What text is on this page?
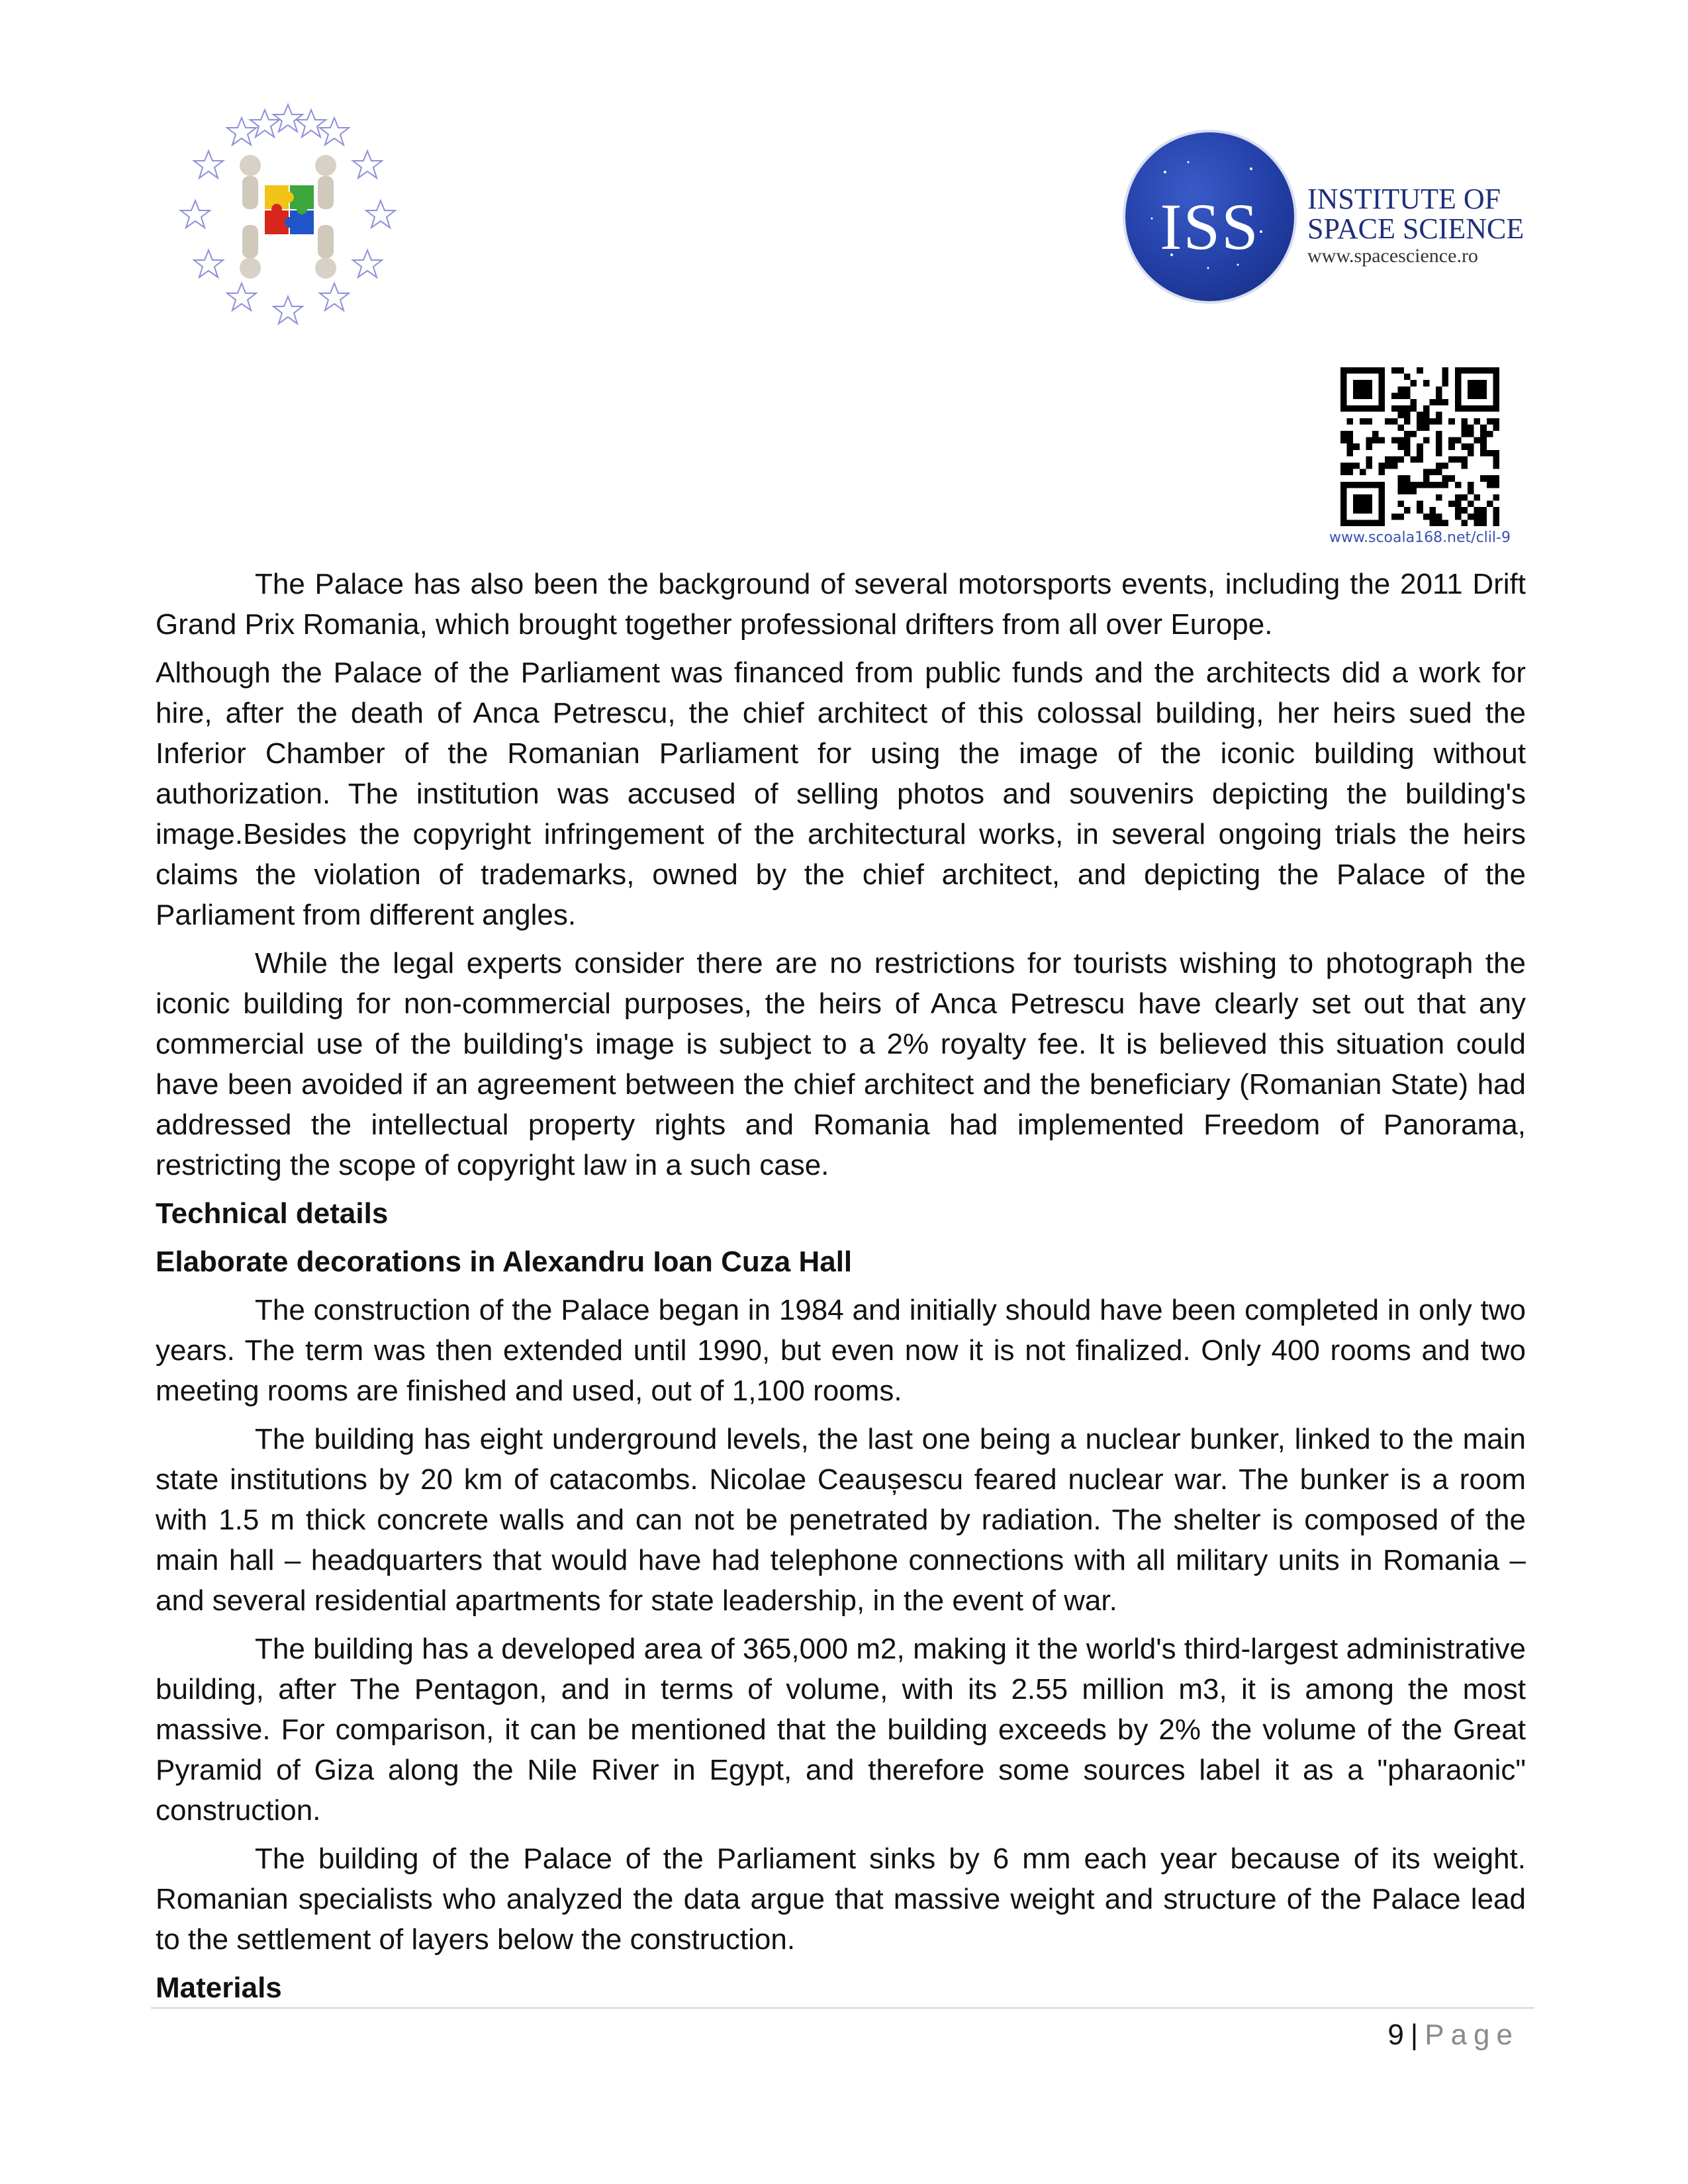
ISS	INSTITUTE OF
SPACE SCIENCE
www.spacescience.ro
www.scoala168.net/clil-9

The Palace has also been the background of several motorsports events, including the 2011 Drift Grand Prix Romania, which brought together professional drifters from all over Europe.

Although the Palace of the Parliament was financed from public funds and the architects did a work for hire, after the death of Anca Petrescu, the chief architect of this colossal building, her heirs sued the Inferior Chamber of the Romanian Parliament for using the image of the iconic building without authorization. The institution was accused of selling photos and souvenirs depicting the building's image.Besides the copyright infringement of the architectural works, in several ongoing trials the heirs claims the violation of trademarks, owned by the chief architect, and depicting the Palace of the Parliament from different angles.

While the legal experts consider there are no restrictions for tourists wishing to photograph the iconic building for non-commercial purposes, the heirs of Anca Petrescu have clearly set out that any commercial use of the building's image is subject to a 2% royalty fee. It is believed this situation could have been avoided if an agreement between the chief architect and the beneficiary (Romanian State) had addressed the intellectual property rights and Romania had implemented Freedom of Panorama, restricting the scope of copyright law in a such case.

Technical details
Elaborate decorations in Alexandru Ioan Cuza Hall

The construction of the Palace began in 1984 and initially should have been completed in only two years. The term was then extended until 1990, but even now it is not finalized. Only 400 rooms and two meeting rooms are finished and used, out of 1,100 rooms.

The building has eight underground levels, the last one being a nuclear bunker, linked to the main state institutions by 20 km of catacombs. Nicolae Ceaușescu feared nuclear war. The bunker is a room with 1.5 m thick concrete walls and can not be penetrated by radiation. The shelter is composed of the main hall – headquarters that would have had telephone connections with all military units in Romania – and several residential apartments for state leadership, in the event of war.

The building has a developed area of 365,000 m2, making it the world's third-largest administrative building, after The Pentagon, and in terms of volume, with its 2.55 million m3, it is among the most massive. For comparison, it can be mentioned that the building exceeds by 2% the volume of the Great Pyramid of Giza along the Nile River in Egypt, and therefore some sources label it as a "pharaonic" construction.

The building of the Palace of the Parliament sinks by 6 mm each year because of its weight. Romanian specialists who analyzed the data argue that massive weight and structure of the Palace lead to the settlement of layers below the construction.

Materials
9 | Page
